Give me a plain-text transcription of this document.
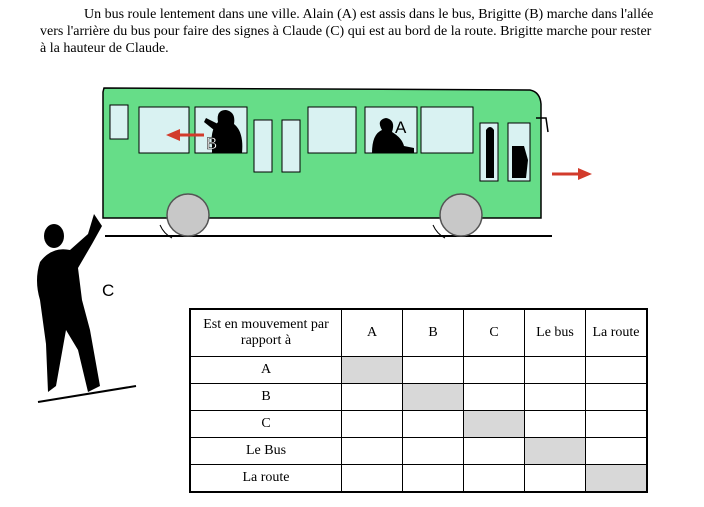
Un bus roule lentement dans une ville. Alain (A) est assis dans le bus, Brigitte (B) marche dans l'allée vers l'arrière du bus pour faire des signes à Claude (C) qui est au bord de la route. Brigitte marche pour rester à la hauteur de Claude.

B
A
C
Est en mouvement par rapport à	A	B	C	Le bus	La route
A					
B					
C					
Le Bus					
La route					
